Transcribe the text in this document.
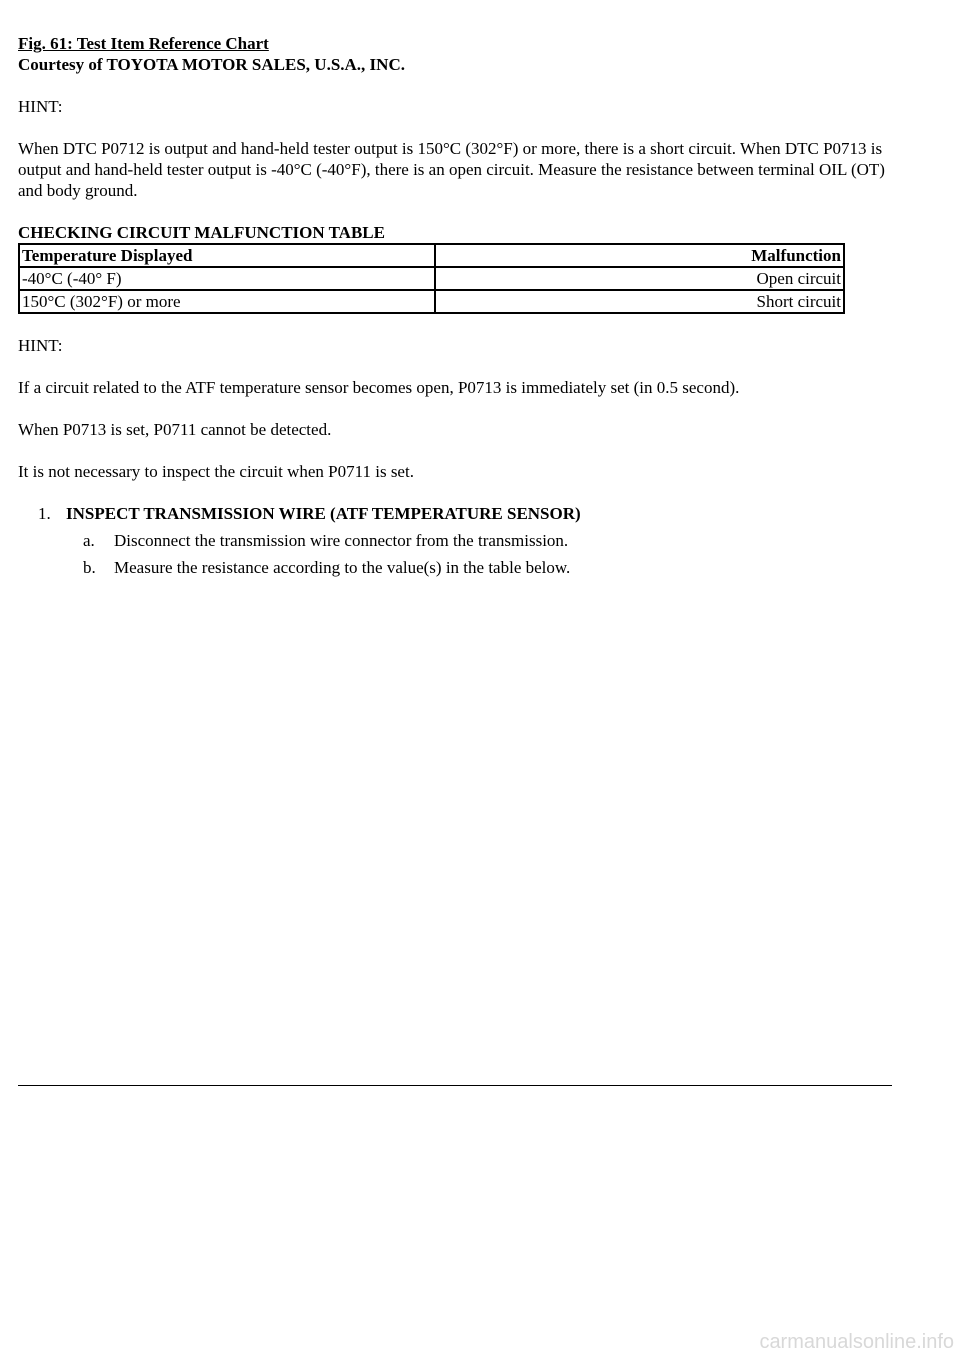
Fig. 61: Test Item Reference Chart
Courtesy of TOYOTA MOTOR SALES, U.S.A., INC.

HINT:

When DTC P0712 is output and hand-held tester output is 150°C (302°F) or more, there is a short circuit. When DTC P0713 is output and hand-held tester output is -40°C (-40°F), there is an open circuit. Measure the resistance between terminal OIL (OT) and body ground.

CHECKING CIRCUIT MALFUNCTION TABLE

Temperature Displayed	Malfunction
-40°C (-40° F)	Open circuit
150°C (302°F) or more	Short circuit

HINT:

If a circuit related to the ATF temperature sensor becomes open, P0713 is immediately set (in 0.5 second).

When P0713 is set, P0711 cannot be detected.

It is not necessary to inspect the circuit when P0711 is set.

1. INSPECT TRANSMISSION WIRE (ATF TEMPERATURE SENSOR)
a. Disconnect the transmission wire connector from the transmission.
b. Measure the resistance according to the value(s) in the table below.
carmanualsonline.info
